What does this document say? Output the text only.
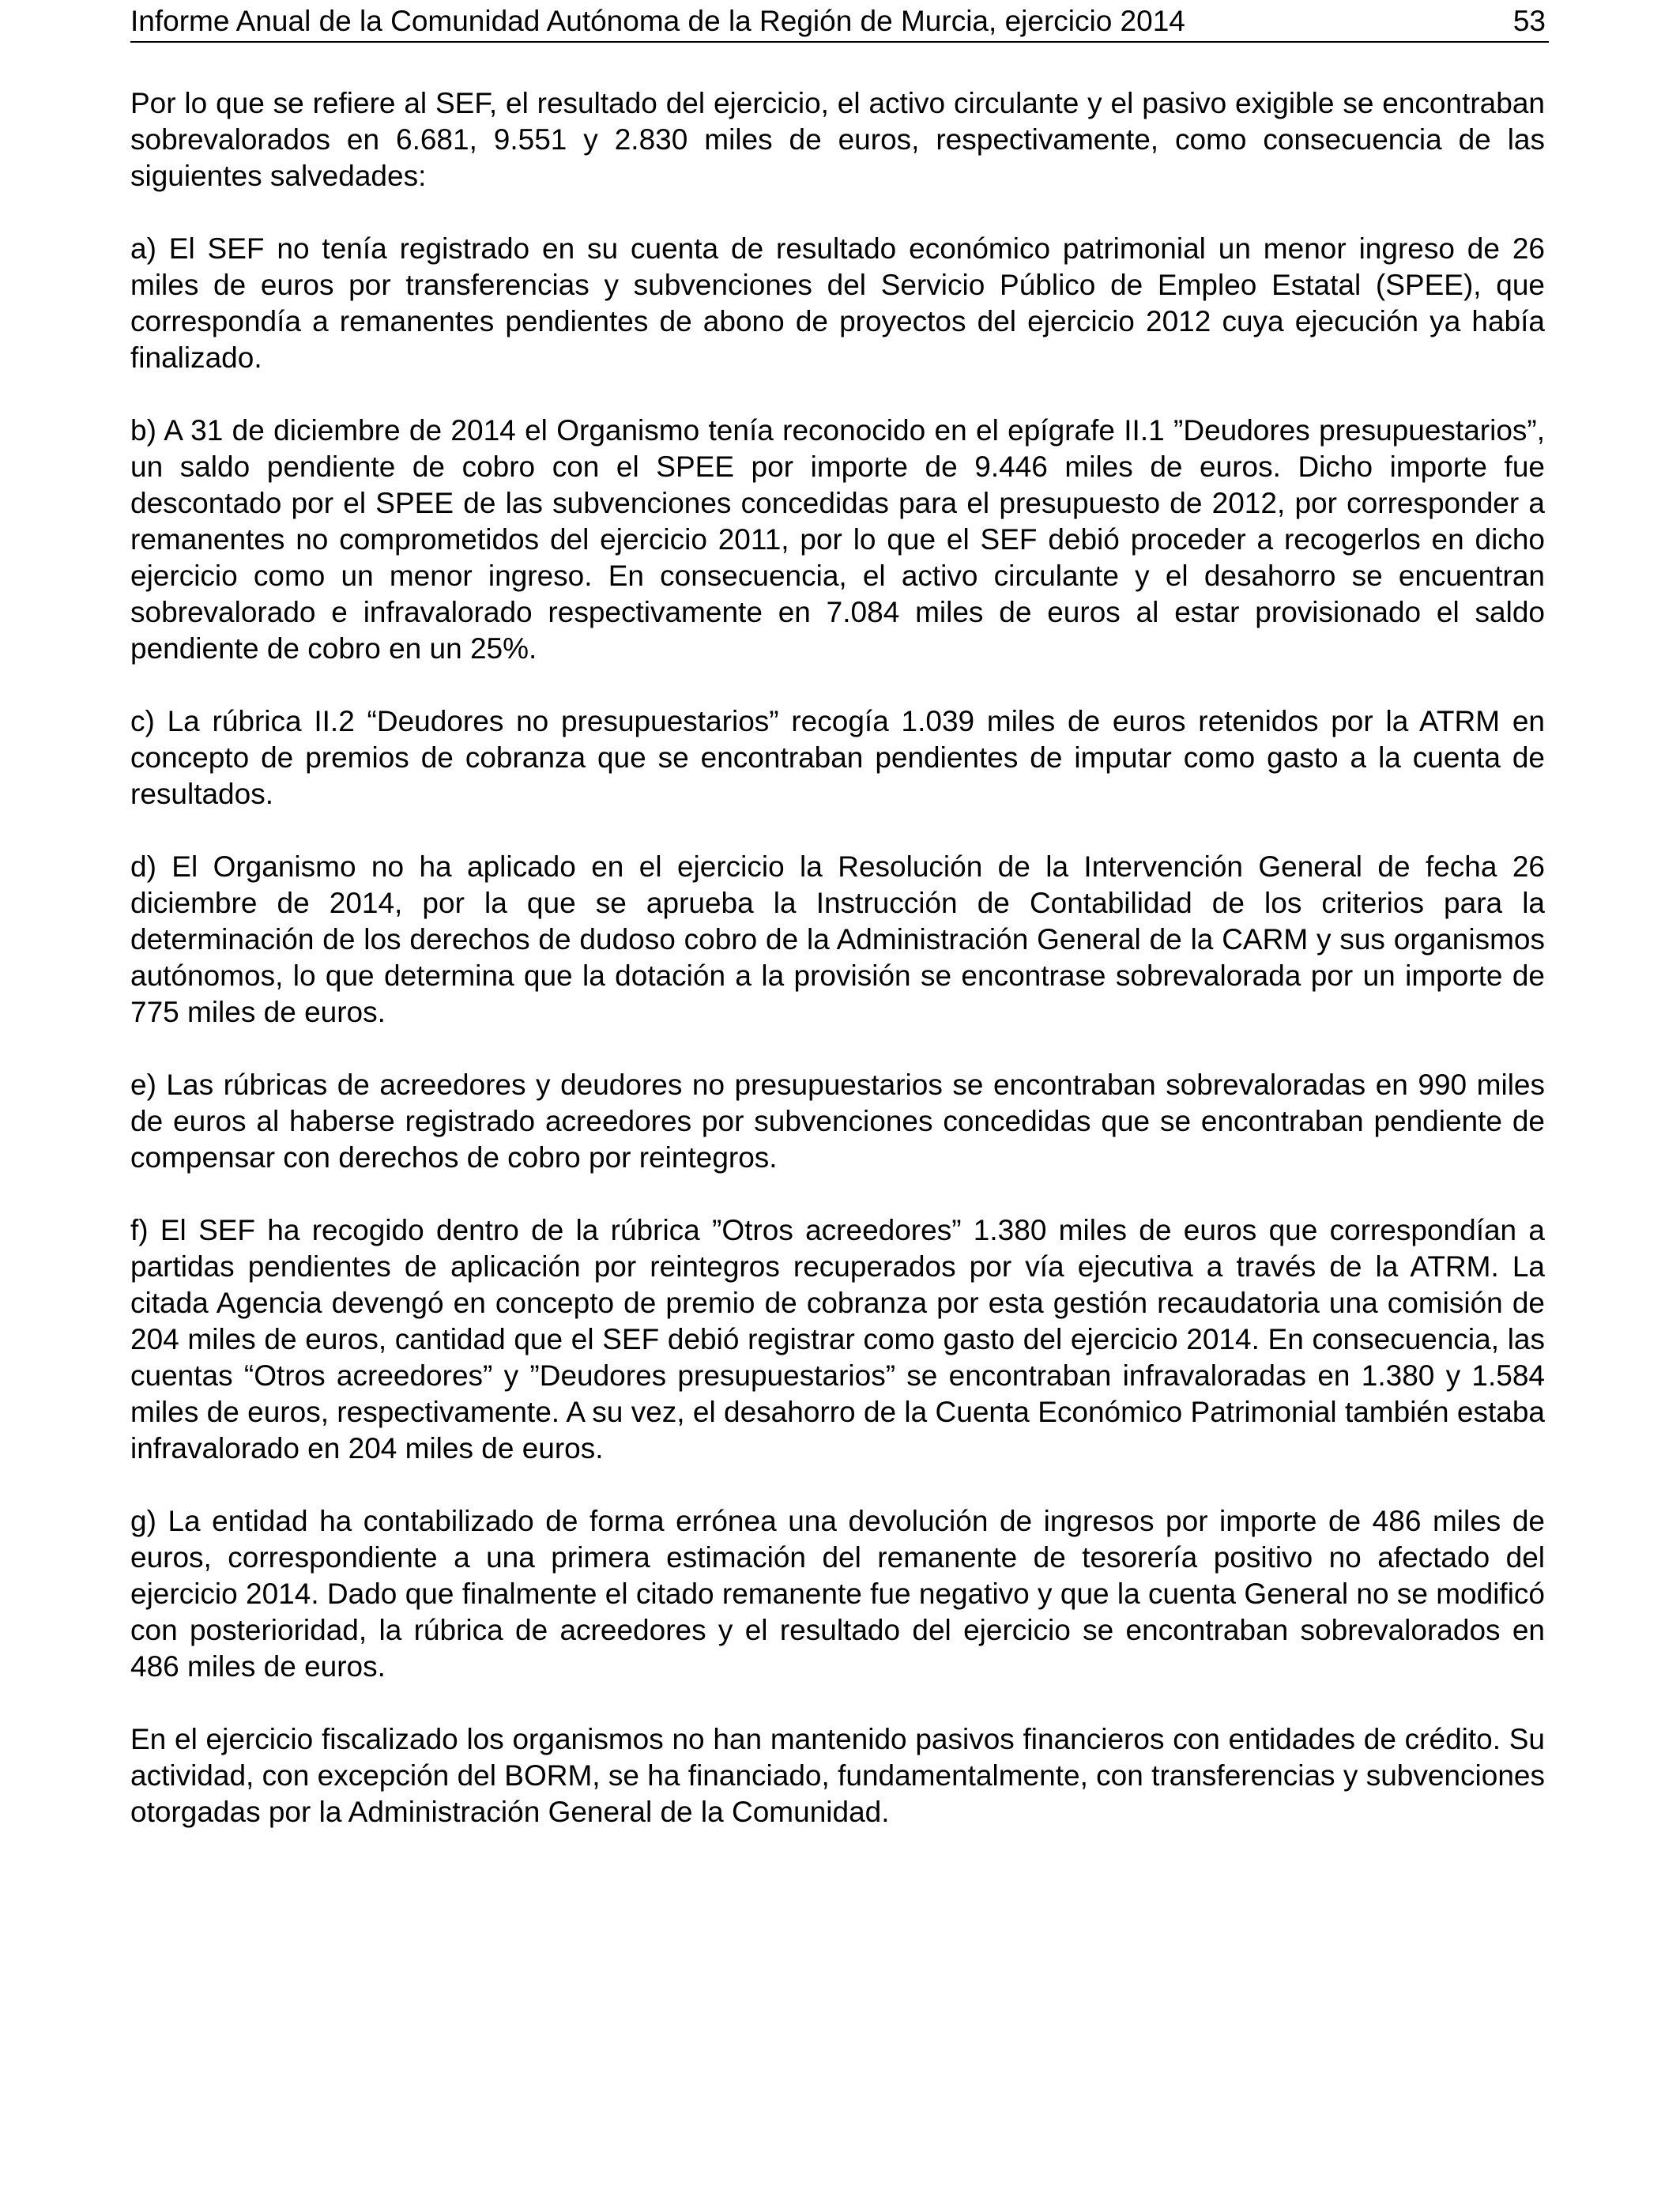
Informe Anual de la Comunidad Autónoma de la Región de Murcia, ejercicio 2014	53

Por lo que se refiere al SEF, el resultado del ejercicio, el activo circulante y el pasivo exigible se encontraban sobrevalorados en 6.681, 9.551 y 2.830 miles de euros, respectivamente, como consecuencia de las siguientes salvedades:

a) El SEF no tenía registrado en su cuenta de resultado económico patrimonial un menor ingreso de 26 miles de euros por transferencias y subvenciones del Servicio Público de Empleo Estatal (SPEE), que correspondía a remanentes pendientes de abono de proyectos del ejercicio 2012 cuya ejecución ya había finalizado.

b) A 31 de diciembre de 2014 el Organismo tenía reconocido en el epígrafe II.1 ”Deudores presupuestarios”, un saldo pendiente de cobro con el SPEE por importe de 9.446 miles de euros. Dicho importe fue descontado por el SPEE de las subvenciones concedidas para el presupuesto de 2012, por corresponder a remanentes no comprometidos del ejercicio 2011, por lo que el SEF debió proceder a recogerlos en dicho ejercicio como un menor ingreso. En consecuencia, el activo circulante y el desahorro se encuentran sobrevalorado e infravalorado respectivamente en 7.084 miles de euros al estar provisionado el saldo pendiente de cobro en un 25%.

c) La rúbrica II.2 “Deudores no presupuestarios” recogía 1.039 miles de euros retenidos por la ATRM en concepto de premios de cobranza que se encontraban pendientes de imputar como gasto a la cuenta de resultados.

d) El Organismo no ha aplicado en el ejercicio la Resolución de la Intervención General de fecha 26 diciembre de 2014, por la que se aprueba la Instrucción de Contabilidad de los criterios para la determinación de los derechos de dudoso cobro de la Administración General de la CARM y sus organismos autónomos, lo que determina que la dotación a la provisión se encontrase sobrevalorada por un importe de 775 miles de euros.

e) Las rúbricas de acreedores y deudores no presupuestarios se encontraban sobrevaloradas en 990 miles de euros al haberse registrado acreedores por subvenciones concedidas que se encontraban pendiente de compensar con derechos de cobro por reintegros.

f) El SEF ha recogido dentro de la rúbrica ”Otros acreedores” 1.380 miles de euros que correspondían a partidas pendientes de aplicación por reintegros recuperados por vía ejecutiva a través de la ATRM. La citada Agencia devengó en concepto de premio de cobranza por esta gestión recaudatoria una comisión de 204 miles de euros, cantidad que el SEF debió registrar como gasto del ejercicio 2014. En consecuencia, las cuentas “Otros acreedores” y ”Deudores presupuestarios” se encontraban infravaloradas en 1.380 y 1.584 miles de euros, respectivamente. A su vez, el desahorro de la Cuenta Económico Patrimonial también estaba infravalorado en 204 miles de euros.

g) La entidad ha contabilizado de forma errónea una devolución de ingresos por importe de 486 miles de euros, correspondiente a una primera estimación del remanente de tesorería positivo no afectado del ejercicio 2014. Dado que finalmente el citado remanente fue negativo y que la cuenta General no se modificó con posterioridad, la rúbrica de acreedores y el resultado del ejercicio se encontraban sobrevalorados en 486 miles de euros.

En el ejercicio fiscalizado los organismos no han mantenido pasivos financieros con entidades de crédito. Su actividad, con excepción del BORM, se ha financiado, fundamentalmente, con transferencias y subvenciones otorgadas por la Administración General de la Comunidad.
